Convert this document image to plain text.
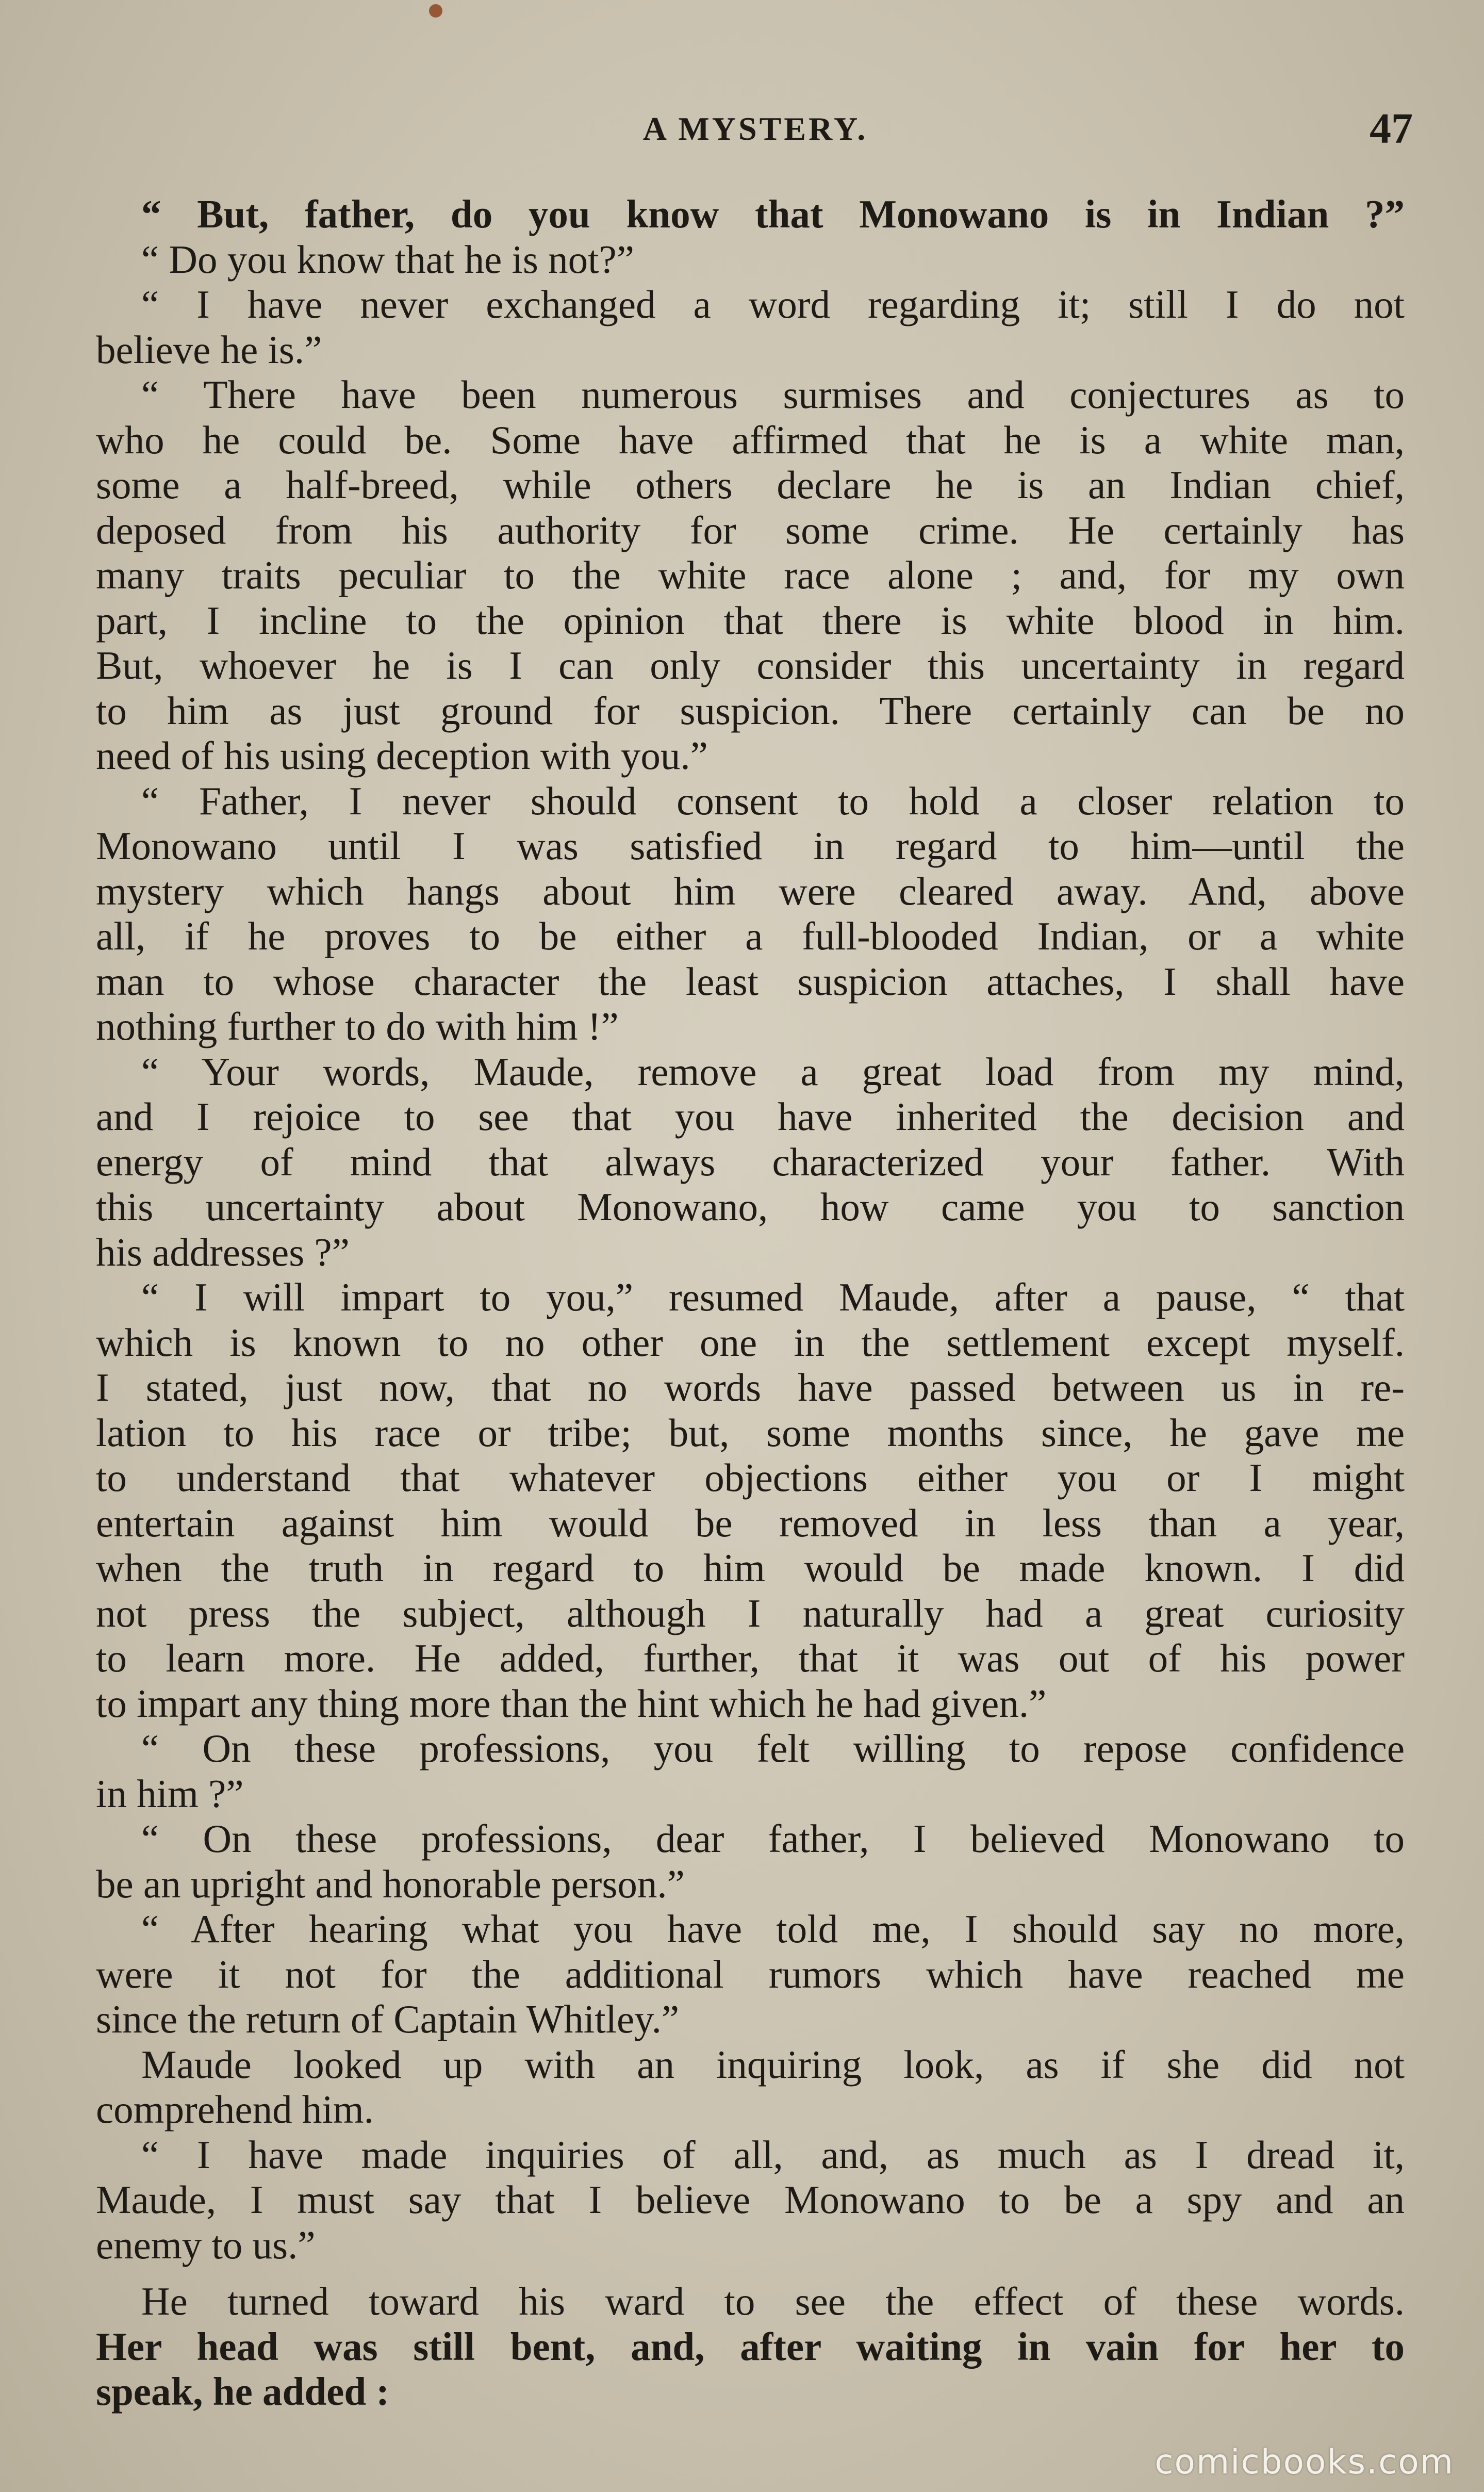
A MYSTERY.	47
“ But, father, do you know that Monowano is in Indian ?”
“ Do you know that he is not?”
“ I have never exchanged a word regarding it; still I do not
believe he is.”
“ There have been numerous surmises and conjectures as to
who he could be. Some have affirmed that he is a white man,
some a half-breed, while others declare he is an Indian chief,
deposed from his authority for some crime. He certainly has
many traits peculiar to the white race alone ; and, for my own
part, I incline to the opinion that there is white blood in him.
But, whoever he is I can only consider this uncertainty in regard
to him as just ground for suspicion. There certainly can be no
need of his using deception with you.”
“ Father, I never should consent to hold a closer relation to
Monowano until I was satisfied in regard to him—until the
mystery which hangs about him were cleared away. And, above
all, if he proves to be either a full-blooded Indian, or a white
man to whose character the least suspicion attaches, I shall have
nothing further to do with him !”
“ Your words, Maude, remove a great load from my mind,
and I rejoice to see that you have inherited the decision and
energy of mind that always characterized your father. With
this uncertainty about Monowano, how came you to sanction
his addresses ?”
“ I will impart to you,” resumed Maude, after a pause, “ that
which is known to no other one in the settlement except myself.
I stated, just now, that no words have passed between us in re-
lation to his race or tribe; but, some months since, he gave me
to understand that whatever objections either you or I might
entertain against him would be removed in less than a year,
when the truth in regard to him would be made known. I did
not press the subject, although I naturally had a great curiosity
to learn more. He added, further, that it was out of his power
to impart any thing more than the hint which he had given.”
“ On these professions, you felt willing to repose confidence
in him ?”
“ On these professions, dear father, I believed Monowano to
be an upright and honorable person.”
“ After hearing what you have told me, I should say no more,
were it not for the additional rumors which have reached me
since the return of Captain Whitley.”
Maude looked up with an inquiring look, as if she did not
comprehend him.
“ I have made inquiries of all, and, as much as I dread it,
Maude, I must say that I believe Monowano to be a spy and an
enemy to us.”
He turned toward his ward to see the effect of these words.
Her head was still bent, and, after waiting in vain for her to
speak, he added :
comicbooks.com
